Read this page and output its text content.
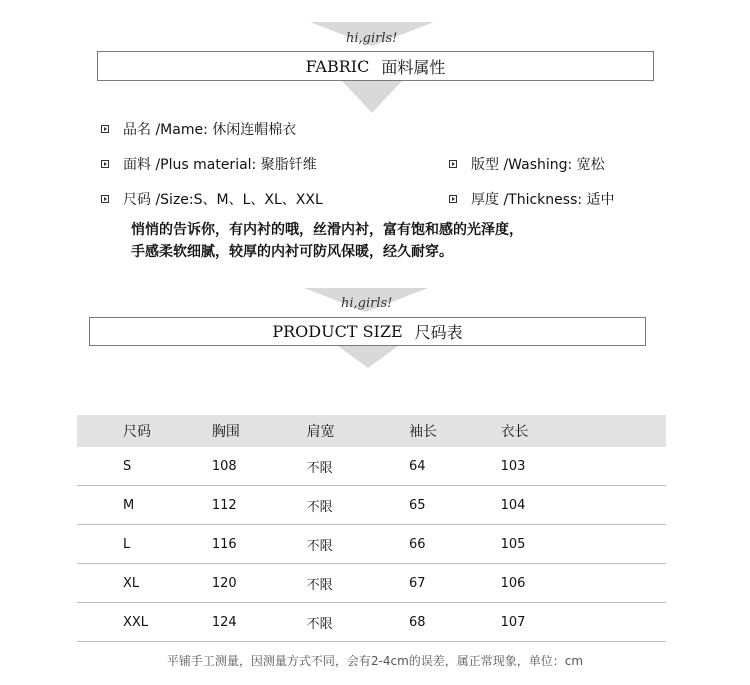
hi,girls!
FABRIC 面料属性
品名 /Mame: 休闲连帽棉衣
面料 /Plus material: 聚脂钎维	版型 /Washing: 宽松
尺码 /Size:S、M、L、XL、XXL	厚度 /Thickness: 适中
悄悄的告诉你，有内衬的哦，丝滑内衬，富有饱和感的光泽度，
手感柔软细腻，较厚的内衬可防风保暖，经久耐穿。
hi,girls!
PRODUCT SIZE 尺码表
尺码	胸围	肩宽	袖长	衣长
S	108	不限	64	103
M	112	不限	65	104
L	116	不限	66	105
XL	120	不限	67	106
XXL	124	不限	68	107
平铺手工测量，因测量方式不同，会有2-4cm的误差，属正常现象，单位：cm
